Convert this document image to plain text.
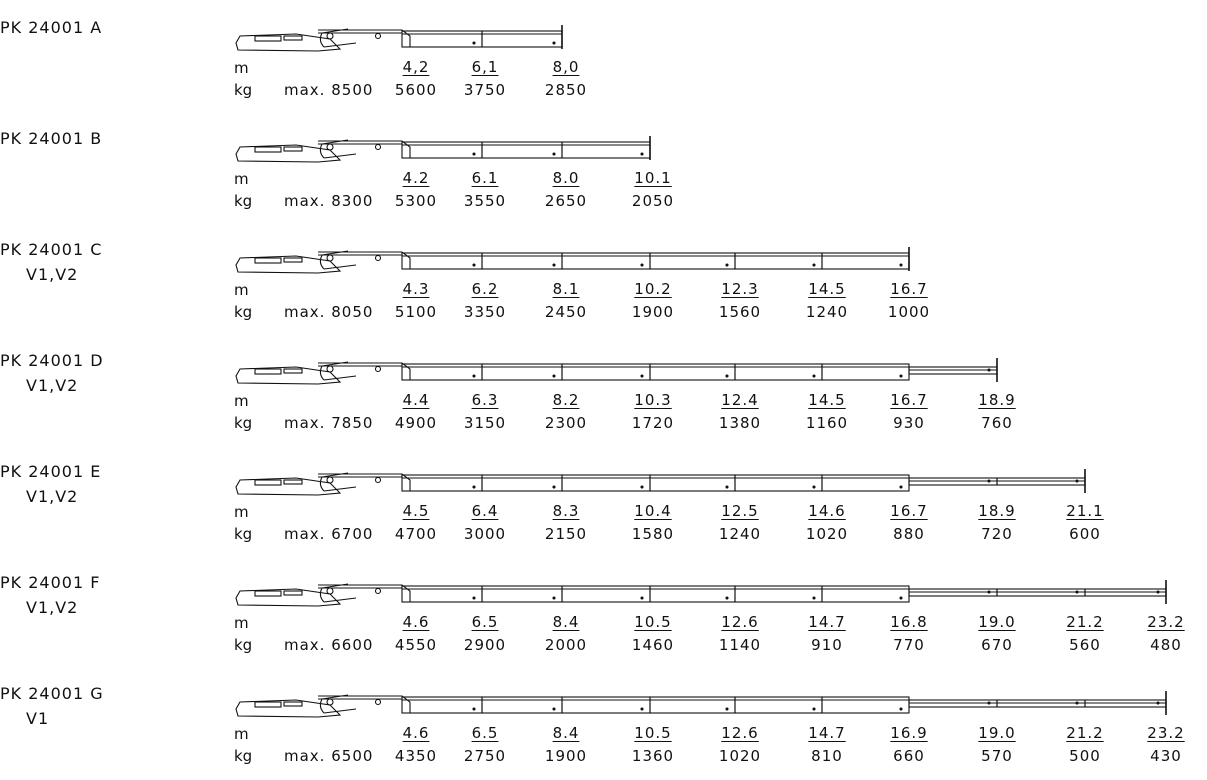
PK 24001 A
m
kg max. 8500
4,2
5600
6,1
3750
8,0
2850
PK 24001 B
m
kg max. 8300
4.2
5300
6.1
3550
8.0
2650
10.1
2050
PK 24001 C
V1,V2
m
kg max. 8050
4.3
5100
6.2
3350
8.1
2450
10.2
1900
12.3
1560
14.5
1240
16.7
1000
PK 24001 D
V1,V2
m
kg max. 7850
4.4
4900
6.3
3150
8.2
2300
10.3
1720
12.4
1380
14.5
1160
16.7
930
18.9
760
PK 24001 E
V1,V2
m
kg max. 6700
4.5
4700
6.4
3000
8.3
2150
10.4
1580
12.5
1240
14.6
1020
16.7
880
18.9
720
21.1
600
PK 24001 F
V1,V2
m
kg max. 6600
4.6
4550
6.5
2900
8.4
2000
10.5
1460
12.6
1140
14.7
910
16.8
770
19.0
670
21.2
560
23.2
480
PK 24001 G
V1
m
kg max. 6500
4.6
4350
6.5
2750
8.4
1900
10.5
1360
12.6
1020
14.7
810
16.9
660
19.0
570
21.2
500
23.2
430
